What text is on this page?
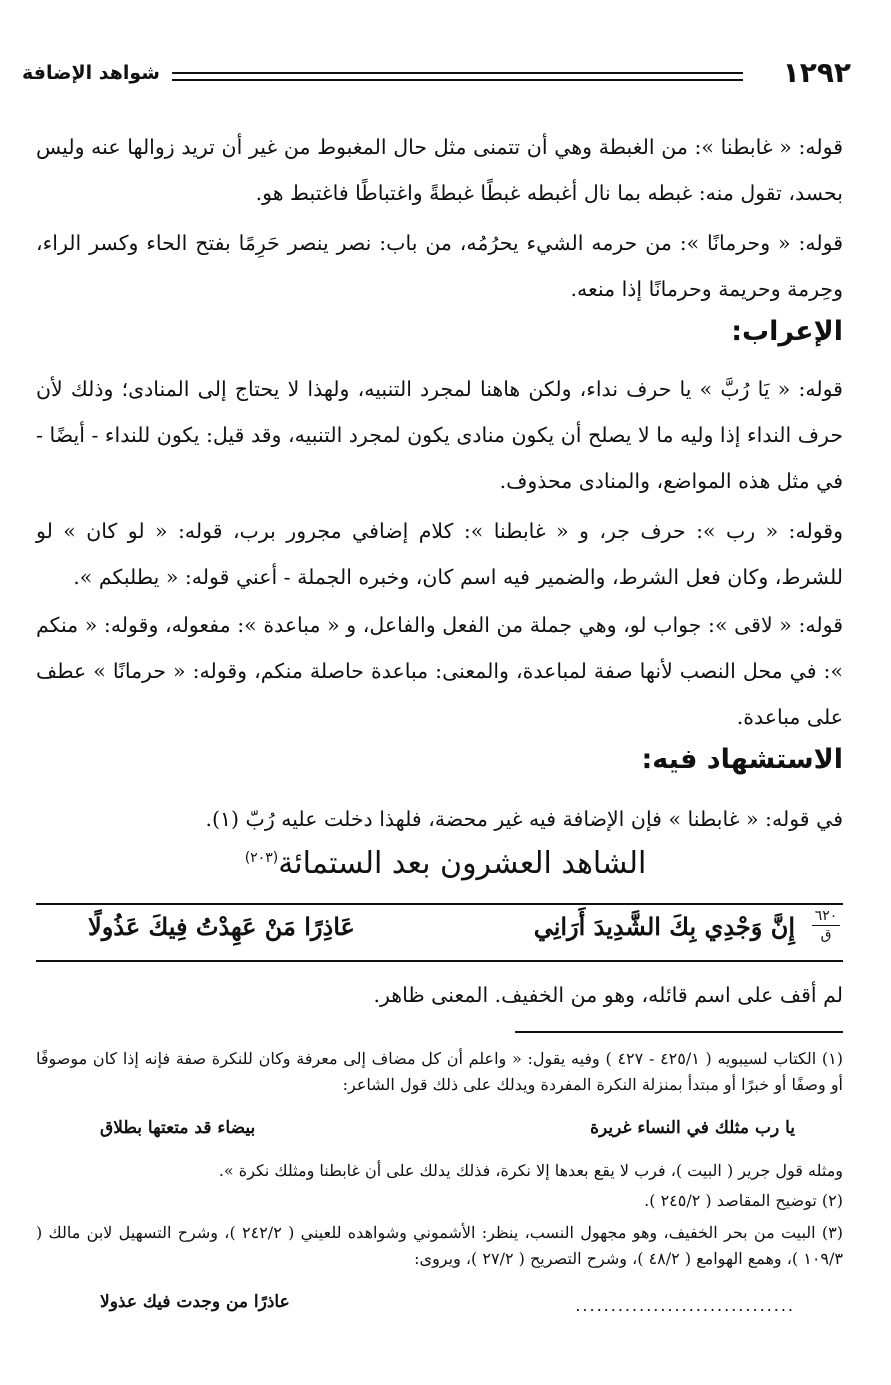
١٢٩٢
شواهد الإضافة
قوله: « غابطنا »: من الغبطة وهي أن تتمنى مثل حال المغبوط من غير أن تريد زوالها عنه وليس بحسد، تقول منه: غبطه بما نال أغبطه غبطًا غبطةً واغتباطًا فاغتبط هو.
قوله: « وحرمانًا »: من حرمه الشيء يحرُمُه، من باب: نصر ينصر حَرِمًا بفتح الحاء وكسر الراء، وحِرمة وحريمة وحرمانًا إذا منعه.
الإعراب:
قوله: « يَا رُبَّ » يا حرف نداء، ولكن هاهنا لمجرد التنبيه، ولهذا لا يحتاج إلى المنادى؛ وذلك لأن حرف النداء إذا وليه ما لا يصلح أن يكون منادى يكون لمجرد التنبيه، وقد قيل: يكون للنداء - أيضًا - في مثل هذه المواضع، والمنادى محذوف.
وقوله: « رب »: حرف جر، و « غابطنا »: كلام إضافي مجرور برب، قوله: « لو كان » لو للشرط، وكان فعل الشرط، والضمير فيه اسم كان، وخبره الجملة - أعني قوله: « يطلبكم ».
قوله: « لاقى »: جواب لو، وهي جملة من الفعل والفاعل، و « مباعدة »: مفعوله، وقوله: « منكم »: في محل النصب لأنها صفة لمباعدة، والمعنى: مباعدة حاصلة منكم، وقوله: « حرمانًا » عطف على مباعدة.
الاستشهاد فيه:
في قوله: « غابطنا » فإن الإضافة فيه غير محضة، فلهذا دخلت عليه رُبّ (١).
الشاهد العشرون بعد الستمائة$^{(٢٠٣)}$
٦٢٠
ق
إِنَّ وَجْدِي بِكَ الشَّدِيدَ أَرَانِي
عَاذِرًا مَنْ عَهِدْتُ فِيكَ عَذُولًا
لم أقف على اسم قائله، وهو من الخفيف. المعنى ظاهر.
(١) الكتاب لسيبويه ( ٤٢٥/١ - ٤٢٧ ) وفيه يقول: « واعلم أن كل مضاف إلى معرفة وكان للنكرة صفة فإنه إذا كان موصوفًا أو وصفًا أو خبرًا أو مبتدأ بمنزلة النكرة المفردة ويدلك على ذلك قول الشاعر:
يا رب مثلك في النساء غريرة
بيضاء قد متعتها بطلاق
ومثله قول جرير ( البيت )، فرب لا يقع بعدها إلا نكرة، فذلك يدلك على أن غابطنا ومثلك نكرة ».
(٢) توضيح المقاصد ( ٢٤٥/٢ ).
(٣) البيت من بحر الخفيف، وهو مجهول النسب، ينظر: الأشموني وشواهده للعيني ( ٢٤٢/٢ )، وشرح التسهيل لابن مالك ( ١٠٩/٣ )، وهمع الهوامع ( ٤٨/٢ )، وشرح التصريح ( ٢٧/٢ )، ويروى:
...............................
عاذرًا من وجدت فيك عذولا
